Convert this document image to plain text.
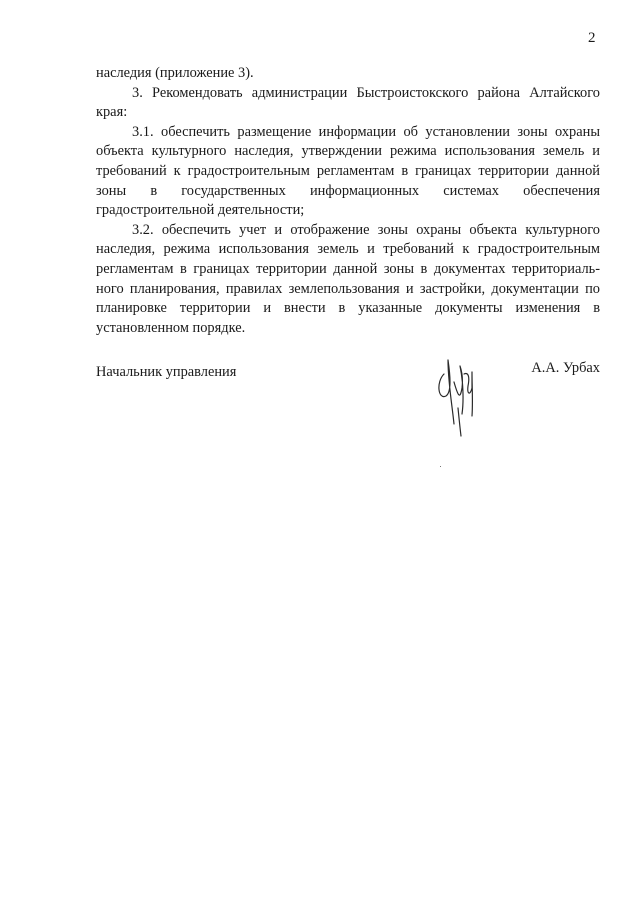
2

наследия (приложение 3).

3. Рекомендовать администрации Быстроистокского района Алтайского
края:

3.1. обеспечить размещение информации об установлении зоны охраны
объекта культурного наследия, утверждении режима использования земель и
требований к градостроительным регламентам в границах территории данной
зоны в государственных информационных системах обеспечения
градостроительной деятельности;

3.2. обеспечить учет и отображение зоны охраны объекта культурного
наследия, режима использования земель и требований к градостроительным
регламентам в границах территории данной зоны в документах территориаль-
ного планирования, правилах землепользования и застройки, документации по
планировке территории и внести в указанные документы изменения в
установленном порядке.

Начальник управления	А.А. Урбах
